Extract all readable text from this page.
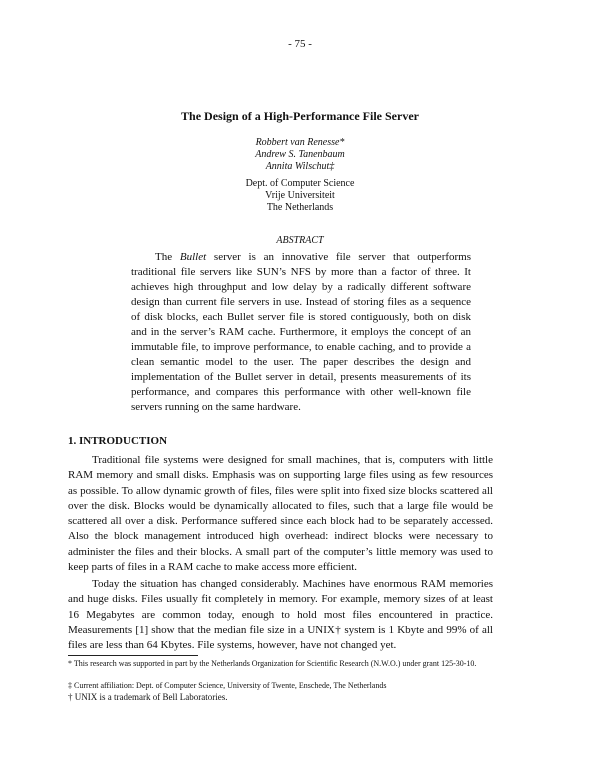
- 75 -
The Design of a High-Performance File Server
Robbert van Renesse*
Andrew S. Tanenbaum
Annita Wilschut‡
Dept. of Computer Science
Vrije Universiteit
The Netherlands
ABSTRACT

The Bullet server is an innovative file server that outperforms traditional file servers like SUN’s NFS by more than a factor of three. It achieves high throughput and low delay by a radically different software design than current file servers in use. Instead of storing files as a sequence of disk blocks, each Bullet server file is stored contiguously, both on disk and in the server’s RAM cache. Furthermore, it employs the concept of an immutable file, to improve performance, to enable caching, and to provide a clean semantic model to the user. The paper describes the design and implementation of the Bullet server in detail, presents measurements of its performance, and compares this performance with other well-known file servers running on the same hardware.

1. INTRODUCTION

Traditional file systems were designed for small machines, that is, computers with little RAM memory and small disks. Emphasis was on supporting large files using as few resources as possible. To allow dynamic growth of files, files were split into fixed size blocks scattered all over the disk. Blocks would be dynamically allocated to files, such that a large file would be scattered all over a disk. Performance suffered since each block had to be separately accessed. Also the block management introduced high overhead: indirect blocks were necessary to administer the files and their blocks. A small part of the computer’s little memory was used to keep parts of files in a RAM cache to make access more efficient.

Today the situation has changed considerably. Machines have enormous RAM memories and huge disks. Files usually fit completely in memory. For example, memory sizes of at least 16 Megabytes are common today, enough to hold most files encountered in practice. Measurements [1] show that the median file size in a UNIX† system is 1 Kbyte and 99% of all files are less than 64 Kbytes. File systems, however, have not changed yet.

* This research was supported in part by the Netherlands Organization for Scientific Research (N.W.O.) under grant 125-30-10.

‡ Current affiliation: Dept. of Computer Science, University of Twente, Enschede, The Netherlands

† UNIX is a trademark of Bell Laboratories.
